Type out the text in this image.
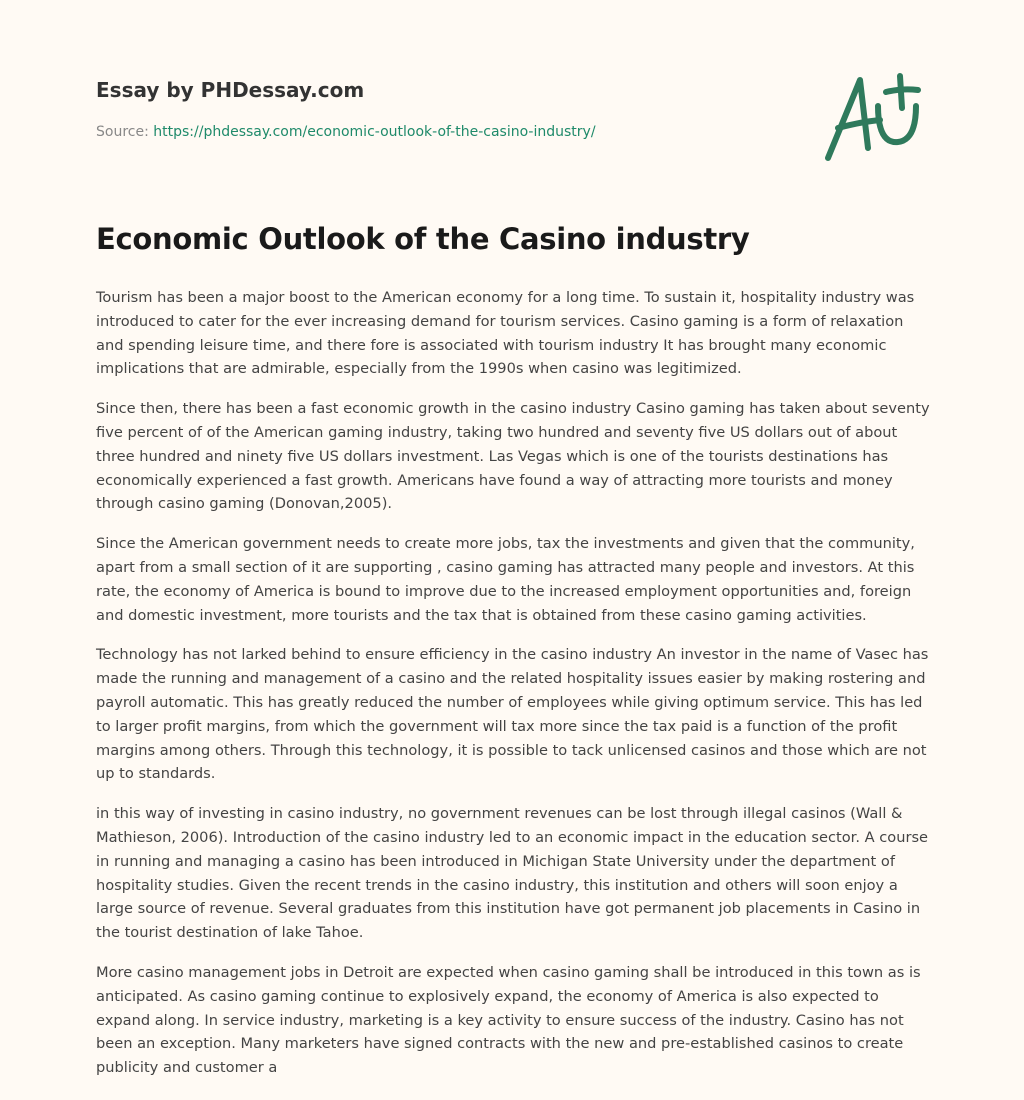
Essay by PHDessay.com
Source: https://phdessay.com/economic-outlook-of-the-casino-industry/
Economic Outlook of the Casino industry

Tourism has been a major boost to the American economy for a long time. To sustain it, hospitality industry was introduced to cater for the ever increasing demand for tourism services. Casino gaming is a form of relaxation and spending leisure time, and there fore is associated with tourism industry It has brought many economic implications that are admirable, especially from the 1990s when casino was legitimized.

Since then, there has been a fast economic growth in the casino industry Casino gaming has taken about seventy five percent of of the American gaming industry, taking two hundred and seventy five US dollars out of about three hundred and ninety five US dollars investment. Las Vegas which is one of the tourists destinations has economically experienced a fast growth. Americans have found a way of attracting more tourists and money through casino gaming (Donovan,2005).

Since the American government needs to create more jobs, tax the investments and given that the community, apart from a small section of it are supporting , casino gaming has attracted many people and investors. At this rate, the economy of America is bound to improve due to the increased employment opportunities and, foreign and domestic investment, more tourists and the tax that is obtained from these casino gaming activities.

Technology has not larked behind to ensure efficiency in the casino industry An investor in the name of Vasec has made the running and management of a casino and the related hospitality issues easier by making rostering and payroll automatic. This has greatly reduced the number of employees while giving optimum service. This has led to larger profit margins, from which the government will tax more since the tax paid is a function of the profit margins among others. Through this technology, it is possible to tack unlicensed casinos and those which are not up to standards.

in this way of investing in casino industry, no government revenues can be lost through illegal casinos (Wall & Mathieson, 2006). Introduction of the casino industry led to an economic impact in the education sector. A course in running and managing a casino has been introduced in Michigan State University under the department of hospitality studies. Given the recent trends in the casino industry, this institution and others will soon enjoy a large source of revenue. Several graduates from this institution have got permanent job placements in Casino in the tourist destination of lake Tahoe.

More casino management jobs in Detroit are expected when casino gaming shall be introduced in this town as is anticipated. As casino gaming continue to explosively expand, the economy of America is also expected to expand along. In service industry, marketing is a key activity to ensure success of the industry. Casino has not been an exception. Many marketers have signed contracts with the new and pre-established casinos to create publicity and customer a
